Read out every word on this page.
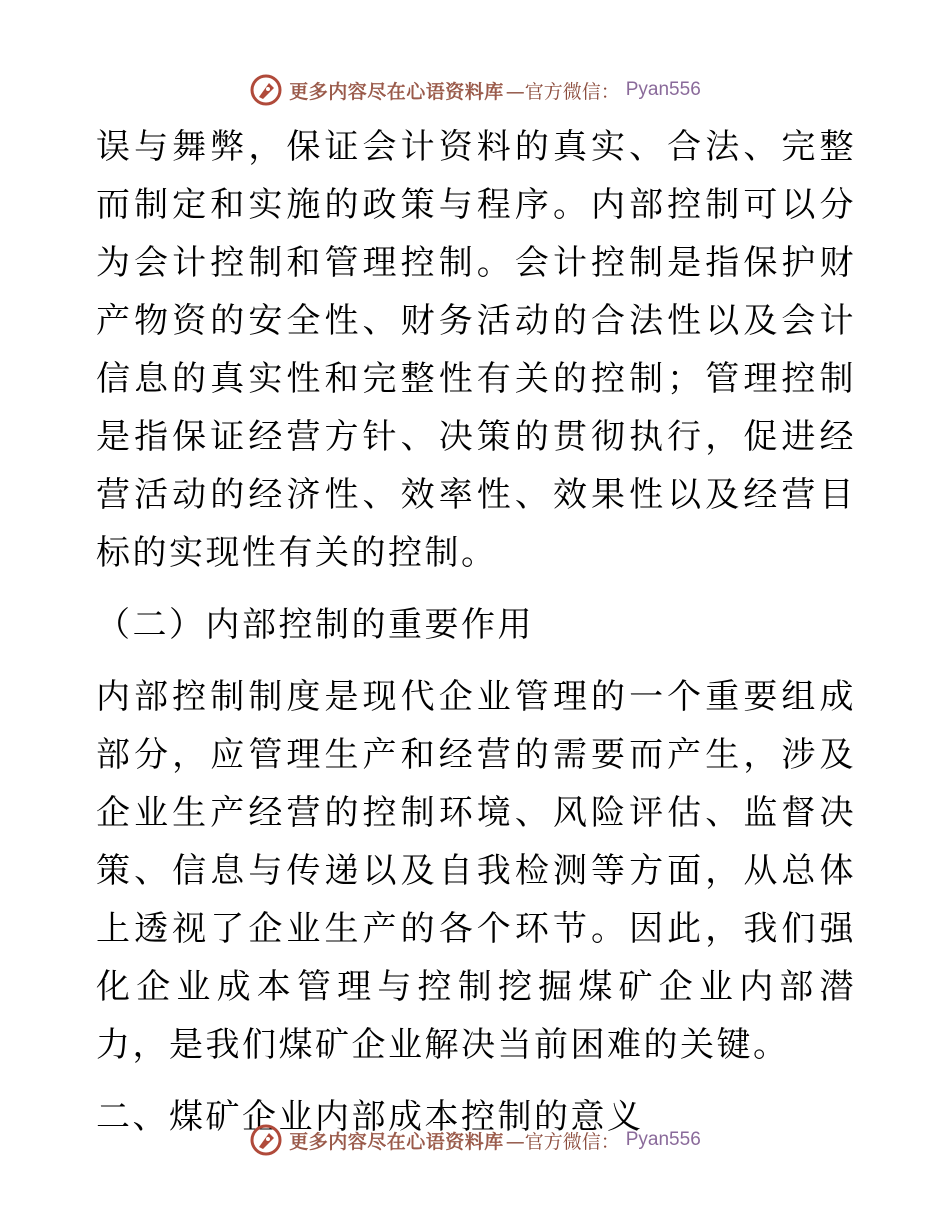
更多内容尽在心语资料库 —官方微信： Pyan556

误与舞弊，保证会计资料的真实、合法、完整而制定和实施的政策与程序。内部控制可以分为会计控制和管理控制。会计控制是指保护财产物资的安全性、财务活动的合法性以及会计信息的真实性和完整性有关的控制；管理控制是指保证经营方针、决策的贯彻执行，促进经营活动的经济性、效率性、效果性以及经营目标的实现性有关的控制。

（二）内部控制的重要作用

内部控制制度是现代企业管理的一个重要组成部分，应管理生产和经营的需要而产生，涉及企业生产经营的控制环境、风险评估、监督决策、信息与传递以及自我检测等方面，从总体上透视了企业生产的各个环节。因此，我们强化企业成本管理与控制挖掘煤矿企业内部潜力，是我们煤矿企业解决当前困难的关键。

二、煤矿企业内部成本控制的意义

更多内容尽在心语资料库 —官方微信： Pyan556
